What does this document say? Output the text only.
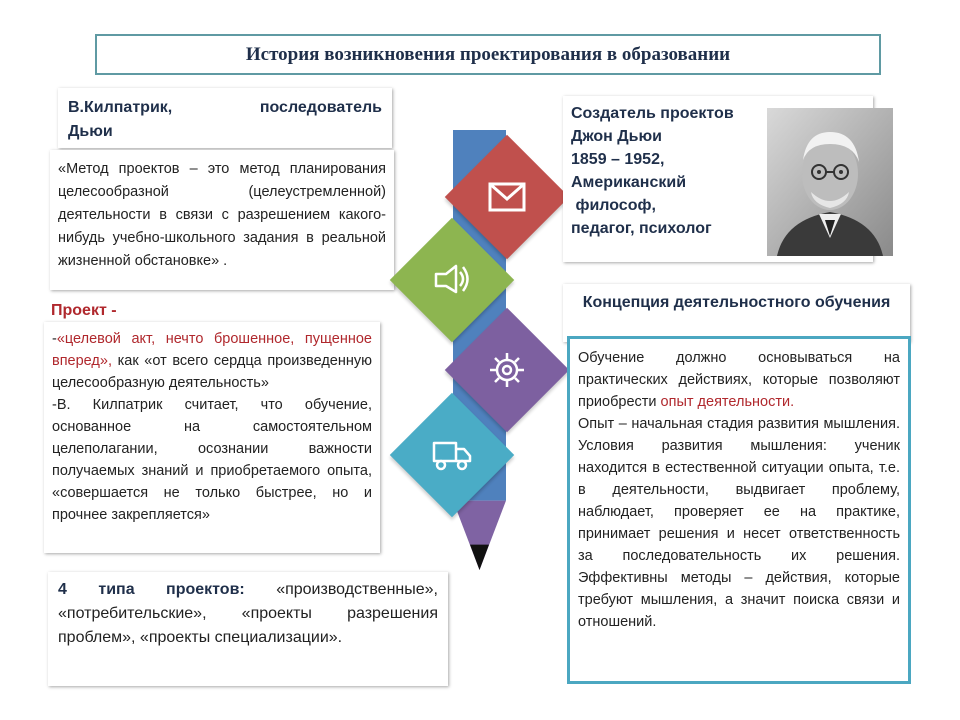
История возникновения проектирования в образовании
В.Килпатрик,	последователь
Дьюи
«Метод проектов – это метод планирования целесообразной (целеустремленной) деятельности в связи с разрешением какого-нибудь учебно-школьного задания в реальной жизненной обстановке» .
Проект -

-«целевой акт, нечто брошенное, пущенное вперед», как «от всего сердца произведенную целесообразную деятельность»

-В. Килпатрик считает, что обучение, основанное на самостоятельном целеполагании, осознании важности получаемых знаний и приобретаемого опыта, «совершается не только быстрее, но и прочнее закрепляется»

4 типа проектов: «производственные», «потребительские», «проекты разрешения проблем», «проекты специализации».
Создатель проектов
Джон Дьюи
1859 – 1952,
Американский
философ,
педагог, психолог
Концепция деятельностного обучения

Обучение должно основываться на практических действиях, которые позволяют приобрести опыт деятельности.

Опыт – начальная стадия развития мышления. Условия развития мышления: ученик находится в естественной ситуации опыта, т.е. в деятельности, выдвигает проблему, наблюдает, проверяет ее на практике, принимает решения и несет ответственность за последовательность их решения. Эффективны методы – действия, которые требуют мышления, а значит поиска связи и отношений.
